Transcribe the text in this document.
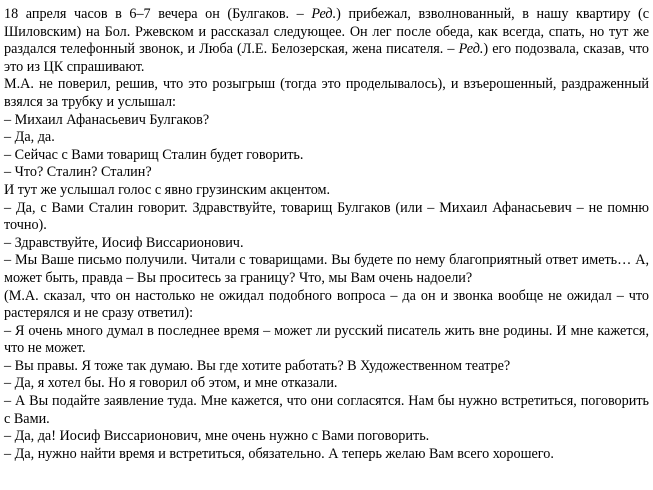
18 апреля часов в 6–7 вечера он (Булгаков. – Ред.) прибежал, взволнованный, в нашу квартиру (с Шиловским) на Бол. Ржевском и рассказал следующее. Он лег после обеда, как всегда, спать, но тут же раздался телефонный звонок, и Люба (Л.Е. Белозерская, жена писателя. – Ред.) его подозвала, сказав, что это из ЦК спрашивают.

М.А. не поверил, решив, что это розыгрыш (тогда это проделывалось), и взъерошенный, раздраженный взялся за трубку и услышал:

– Михаил Афанасьевич Булгаков?

– Да, да.

– Сейчас с Вами товарищ Сталин будет говорить.

– Что? Сталин? Сталин?

И тут же услышал голос с явно грузинским акцентом.

– Да, с Вами Сталин говорит. Здравствуйте, товарищ Булгаков (или – Михаил Афанасьевич – не помню точно).

– Здравствуйте, Иосиф Виссарионович.

– Мы Ваше письмо получили. Читали с товарищами. Вы будете по нему благоприятный ответ иметь… А, может быть, правда – Вы проситесь за границу? Что, мы Вам очень надоели?

(М.А. сказал, что он настолько не ожидал подобного вопроса – да он и звонка вообще не ожидал – что растерялся и не сразу ответил):

– Я очень много думал в последнее время – может ли русский писатель жить вне родины. И мне кажется, что не может.

– Вы правы. Я тоже так думаю. Вы где хотите работать? В Художественном театре?

– Да, я хотел бы. Но я говорил об этом, и мне отказали.

– А Вы подайте заявление туда. Мне кажется, что они согласятся. Нам бы нужно встретиться, поговорить с Вами.

– Да, да! Иосиф Виссарионович, мне очень нужно с Вами поговорить.

– Да, нужно найти время и встретиться, обязательно. А теперь желаю Вам всего хорошего.
